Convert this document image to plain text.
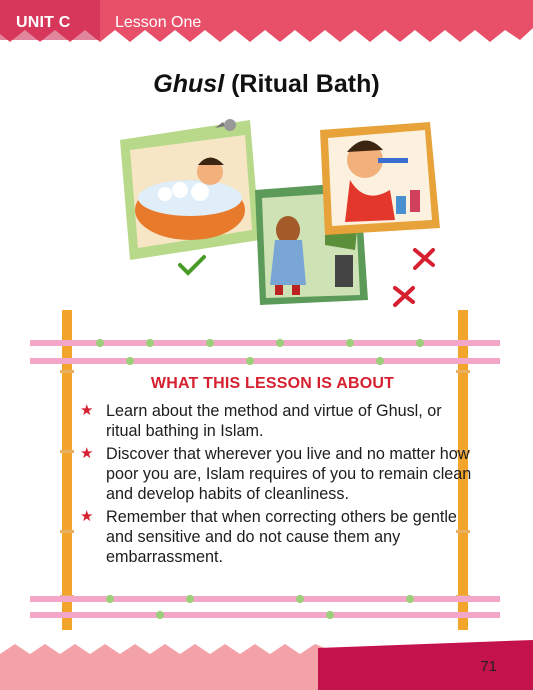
UNIT C	Lesson One
Ghusl (Ritual Bath)
WHAT THIS LESSON IS ABOUT
★ Learn about the method and virtue of Ghusl, or ritual bathing in Islam.
★ Discover that wherever you live and no matter how poor you are, Islam requires of you to remain clean and develop habits of cleanliness.
★ Remember that when correcting others be gentle and sensitive and do not cause them any embarrassment.
71
